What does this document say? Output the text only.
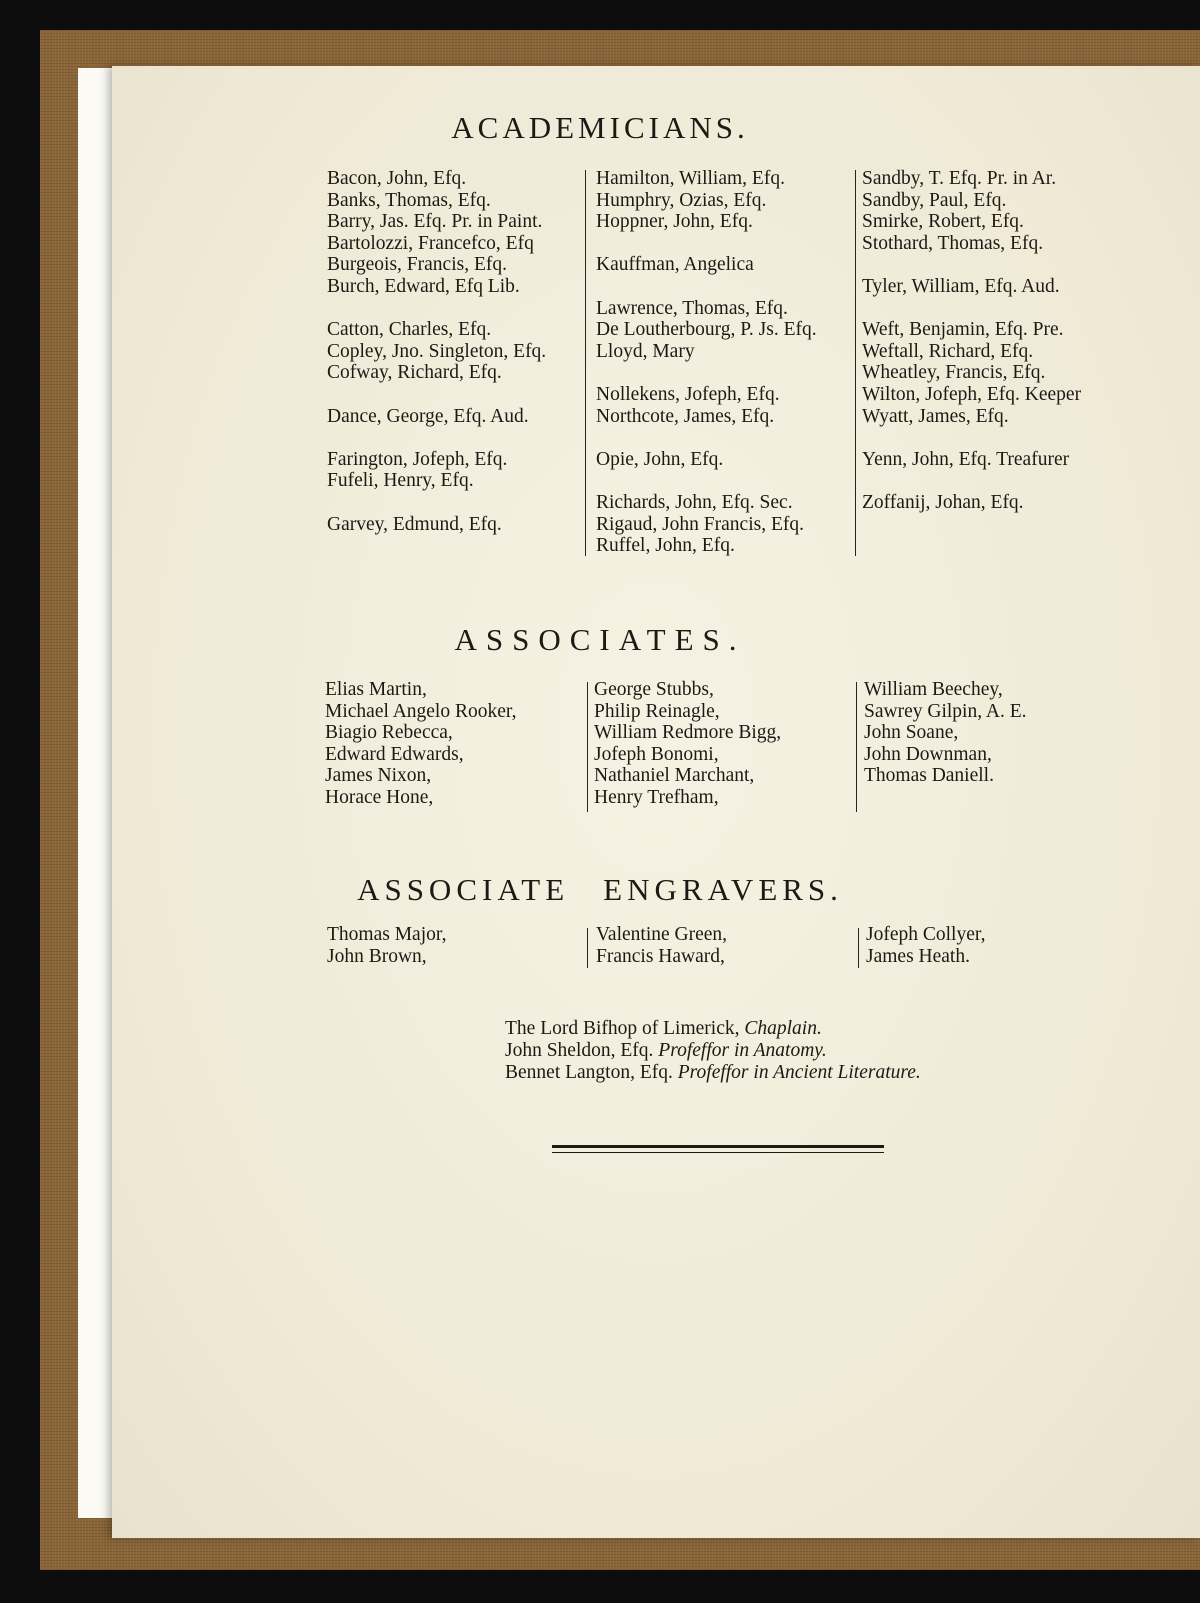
ACADEMICIANS.
Bacon, John, Efq.
Banks, Thomas, Efq.
Barry, Jas. Efq. Pr. in Paint.
Bartolozzi, Francefco, Efq
Burgeois, Francis, Efq.
Burch, Edward, Efq Lib.
Catton, Charles, Efq.
Copley, Jno. Singleton, Efq.
Cofway, Richard, Efq.
Dance, George, Efq. Aud.
Farington, Jofeph, Efq.
Fufeli, Henry, Efq.
Garvey, Edmund, Efq.
Hamilton, William, Efq.
Humphry, Ozias, Efq.
Hoppner, John, Efq.
Kauffman, Angelica
Lawrence, Thomas, Efq.
De Loutherbourg, P. Js. Efq.
Lloyd, Mary
Nollekens, Jofeph, Efq.
Northcote, James, Efq.
Opie, John, Efq.
Richards, John, Efq. Sec.
Rigaud, John Francis, Efq.
Ruffel, John, Efq.
Sandby, T. Efq. Pr. in Ar.
Sandby, Paul, Efq.
Smirke, Robert, Efq.
Stothard, Thomas, Efq.
Tyler, William, Efq. Aud.
Weft, Benjamin, Efq. Pre.
Weftall, Richard, Efq.
Wheatley, Francis, Efq.
Wilton, Jofeph, Efq. Keeper
Wyatt, James, Efq.
Yenn, John, Efq. Treafurer
Zoffanij, Johan, Efq.
ASSOCIATES.
Elias Martin,
Michael Angelo Rooker,
Biagio Rebecca,
Edward Edwards,
James Nixon,
Horace Hone,
George Stubbs,
Philip Reinagle,
William Redmore Bigg,
Jofeph Bonomi,
Nathaniel Marchant,
Henry Trefham,
William Beechey,
Sawrey Gilpin, A. E.
John Soane,
John Downman,
Thomas Daniell.
ASSOCIATE ENGRAVERS.
Thomas Major,
John Brown,
Valentine Green,
Francis Haward,
Jofeph Collyer,
James Heath.
The Lord Bifhop of Limerick, Chaplain.
John Sheldon, Efq. Profeffor in Anatomy.
Bennet Langton, Efq. Profeffor in Ancient Literature.
